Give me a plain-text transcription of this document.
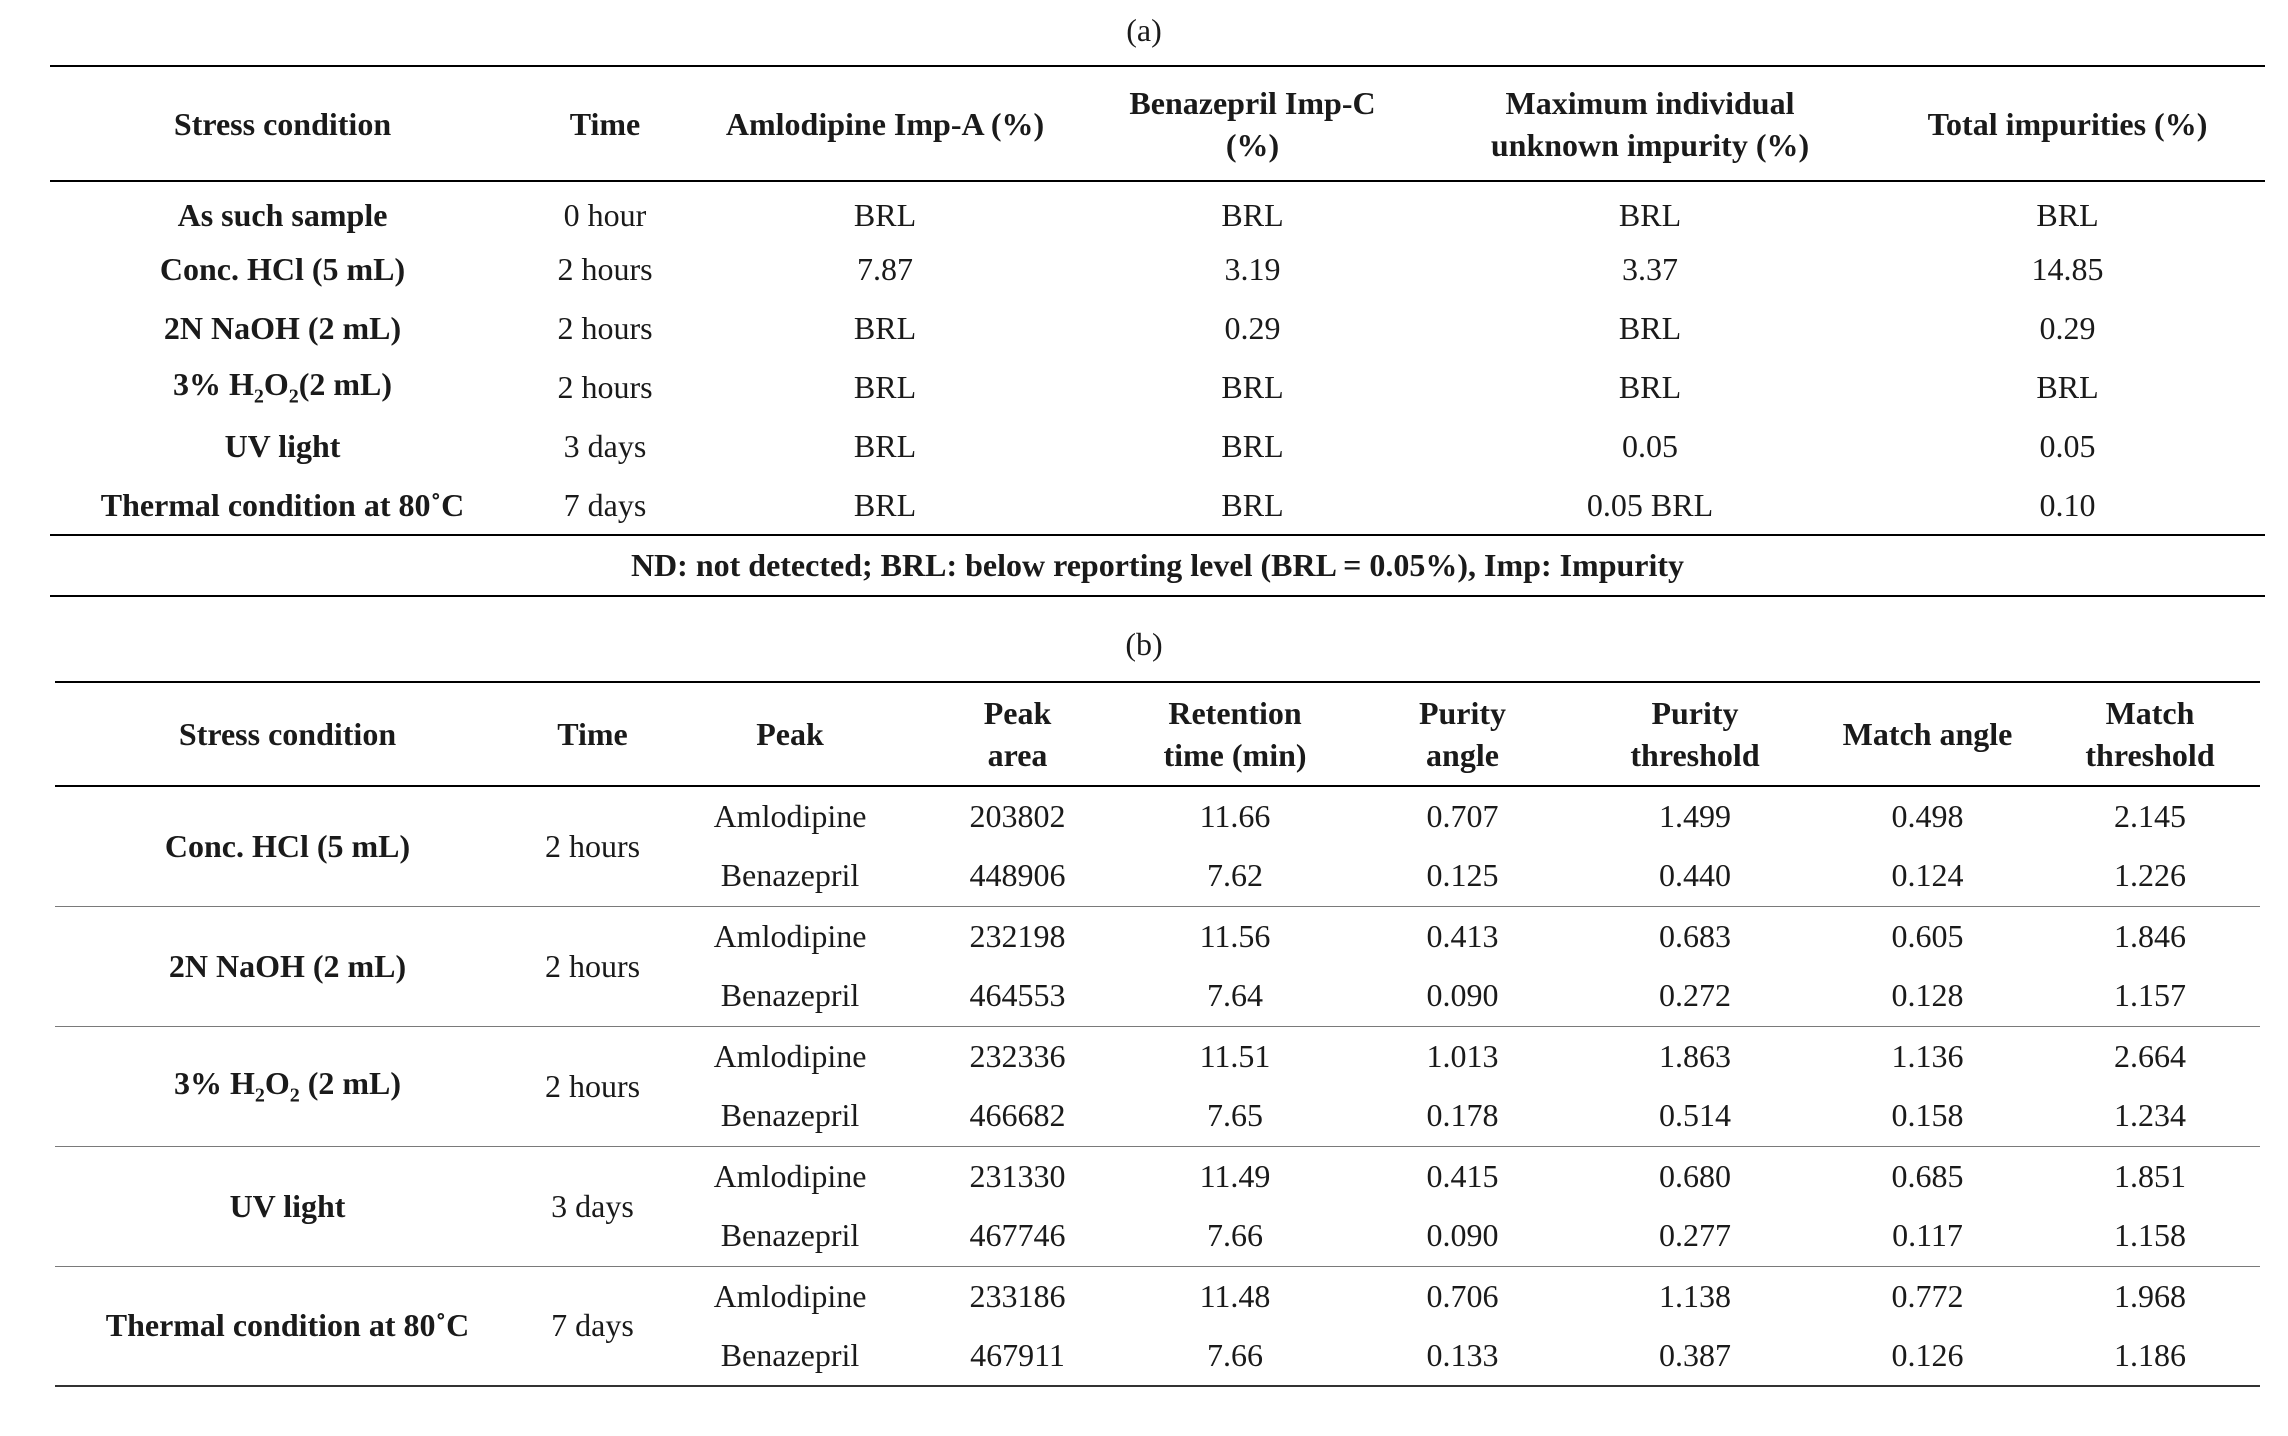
(a)
Stress condition	Time	Amlodipine Imp-A (%)	Benazepril Imp-C (%)	Maximum individual unknown impurity (%)	Total impurities (%)
As such sample	0 hour	BRL	BRL	BRL	BRL
Conc. HCl (5 mL)	2 hours	7.87	3.19	3.37	14.85
2N NaOH (2 mL)	2 hours	BRL	0.29	BRL	0.29
3% $H_2O_2(2$ mL)	2 hours	BRL	BRL	BRL	BRL
UV light	3 days	BRL	BRL	0.05	0.05
Thermal condition at 80˚C	7 days	BRL	BRL	0.05 BRL	0.10
ND: not detected; BRL: below reporting level (BRL = 0.05%), Imp: Impurity					
(b)
Stress condition	Time	Peak	Peak area	Retention time (min)	Purity angle	Purity threshold	Match angle	Match threshold
Conc. HCl (5 mL)	2 hours	Amlodipine	203802	11.66	0.707	1.499	0.498	2.145
		Benazepril	448906	7.62	0.125	0.440	0.124	1.226
2N NaOH (2 mL)	2 hours	Amlodipine	232198	11.56	0.413	0.683	0.605	1.846
		Benazepril	464553	7.64	0.090	0.272	0.128	1.157
3% $H_2O_2$ (2 mL)	2 hours	Amlodipine	232336	11.51	1.013	1.863	1.136	2.664
		Benazepril	466682	7.65	0.178	0.514	0.158	1.234
UV light	3 days	Amlodipine	231330	11.49	0.415	0.680	0.685	1.851
		Benazepril	467746	7.66	0.090	0.277	0.117	1.158
Thermal condition at 80˚C	7 days	Amlodipine	233186	11.48	0.706	1.138	0.772	1.968
		Benazepril	467911	7.66	0.133	0.387	0.126	1.186
